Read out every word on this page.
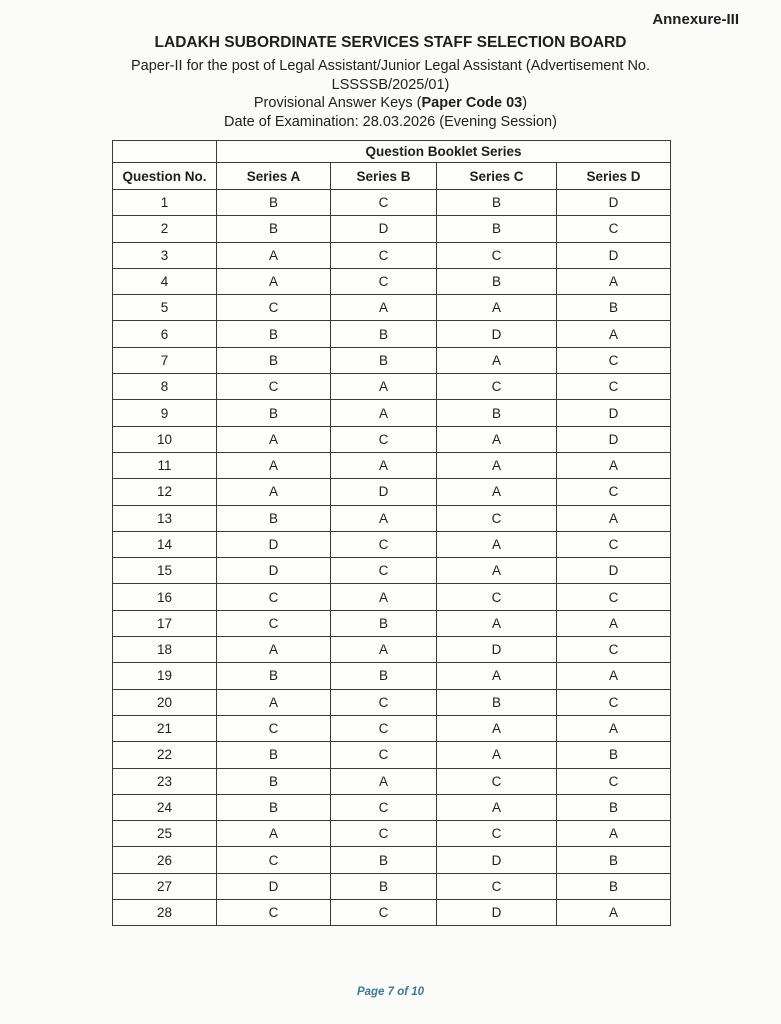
Annexure-III
LADAKH SUBORDINATE SERVICES STAFF SELECTION BOARD
Paper-II for the post of Legal Assistant/Junior Legal Assistant (Advertisement No.
LSSSSB/2025/01)
Provisional Answer Keys (Paper Code 03)
Date of Examination: 28.03.2026 (Evening Session)
	Question Booklet Series			
Question No.	Series A	Series B	Series C	Series D
1	B	C	B	D
2	B	D	B	C
3	A	C	C	D
4	A	C	B	A
5	C	A	A	B
6	B	B	D	A
7	B	B	A	C
8	C	A	C	C
9	B	A	B	D
10	A	C	A	D
11	A	A	A	A
12	A	D	A	C
13	B	A	C	A
14	D	C	A	C
15	D	C	A	D
16	C	A	C	C
17	C	B	A	A
18	A	A	D	C
19	B	B	A	A
20	A	C	B	C
21	C	C	A	A
22	B	C	A	B
23	B	A	C	C
24	B	C	A	B
25	A	C	C	A
26	C	B	D	B
27	D	B	C	B
28	C	C	D	A
Page 7 of 10
